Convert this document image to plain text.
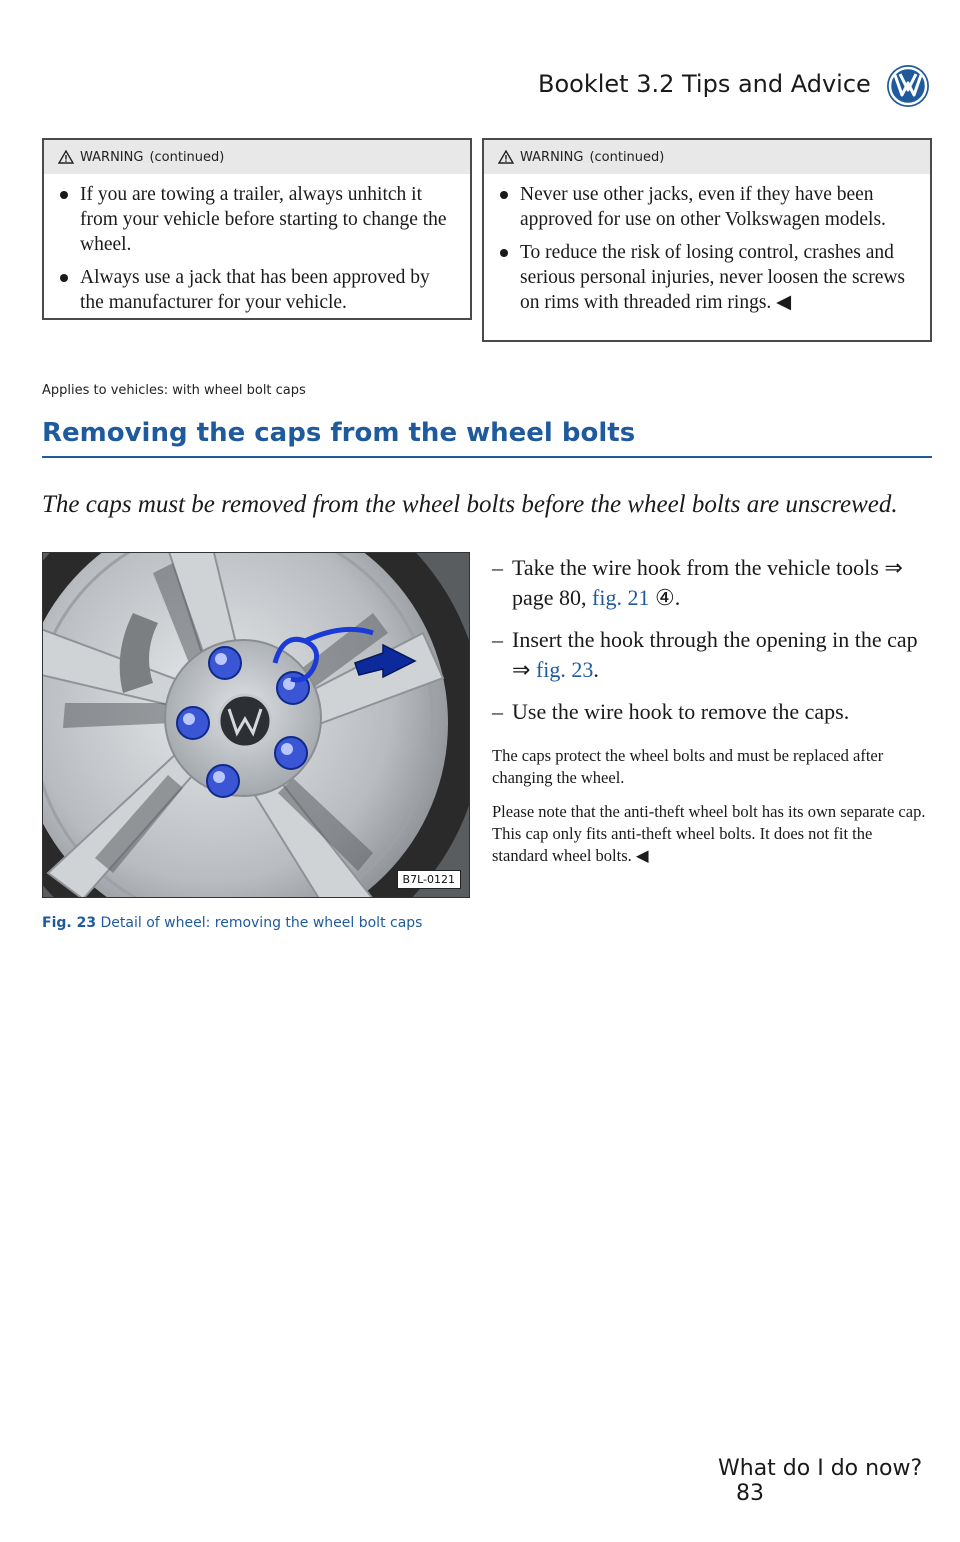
Booklet 3.2 Tips and Advice
WARNING (continued)

If you are towing a trailer, always unhitch it from your vehicle before starting to change the wheel.

Always use a jack that has been approved by the manufacturer for your vehicle.

WARNING (continued)

Never use other jacks, even if they have been approved for use on other Volkswagen models.

To reduce the risk of losing control, crashes and serious personal injuries, never loosen the screws on rims with threaded rim rings. ◀

Applies to vehicles: with wheel bolt caps
Removing the caps from the wheel bolts

The caps must be removed from the wheel bolts before the wheel bolts are unscrewed.

B7L-0121

Fig. 23 Detail of wheel: removing the wheel bolt caps

– Take the wire hook from the vehicle tools ⇒ page 80, fig. 21 ④.

– Insert the hook through the opening in the cap ⇒ fig. 23.

– Use the wire hook to remove the caps.

The caps protect the wheel bolts and must be replaced after changing the wheel.

Please note that the anti-theft wheel bolt has its own separate cap. This cap only fits anti-theft wheel bolts. It does not fit the standard wheel bolts. ◀

What do I do now? 83
